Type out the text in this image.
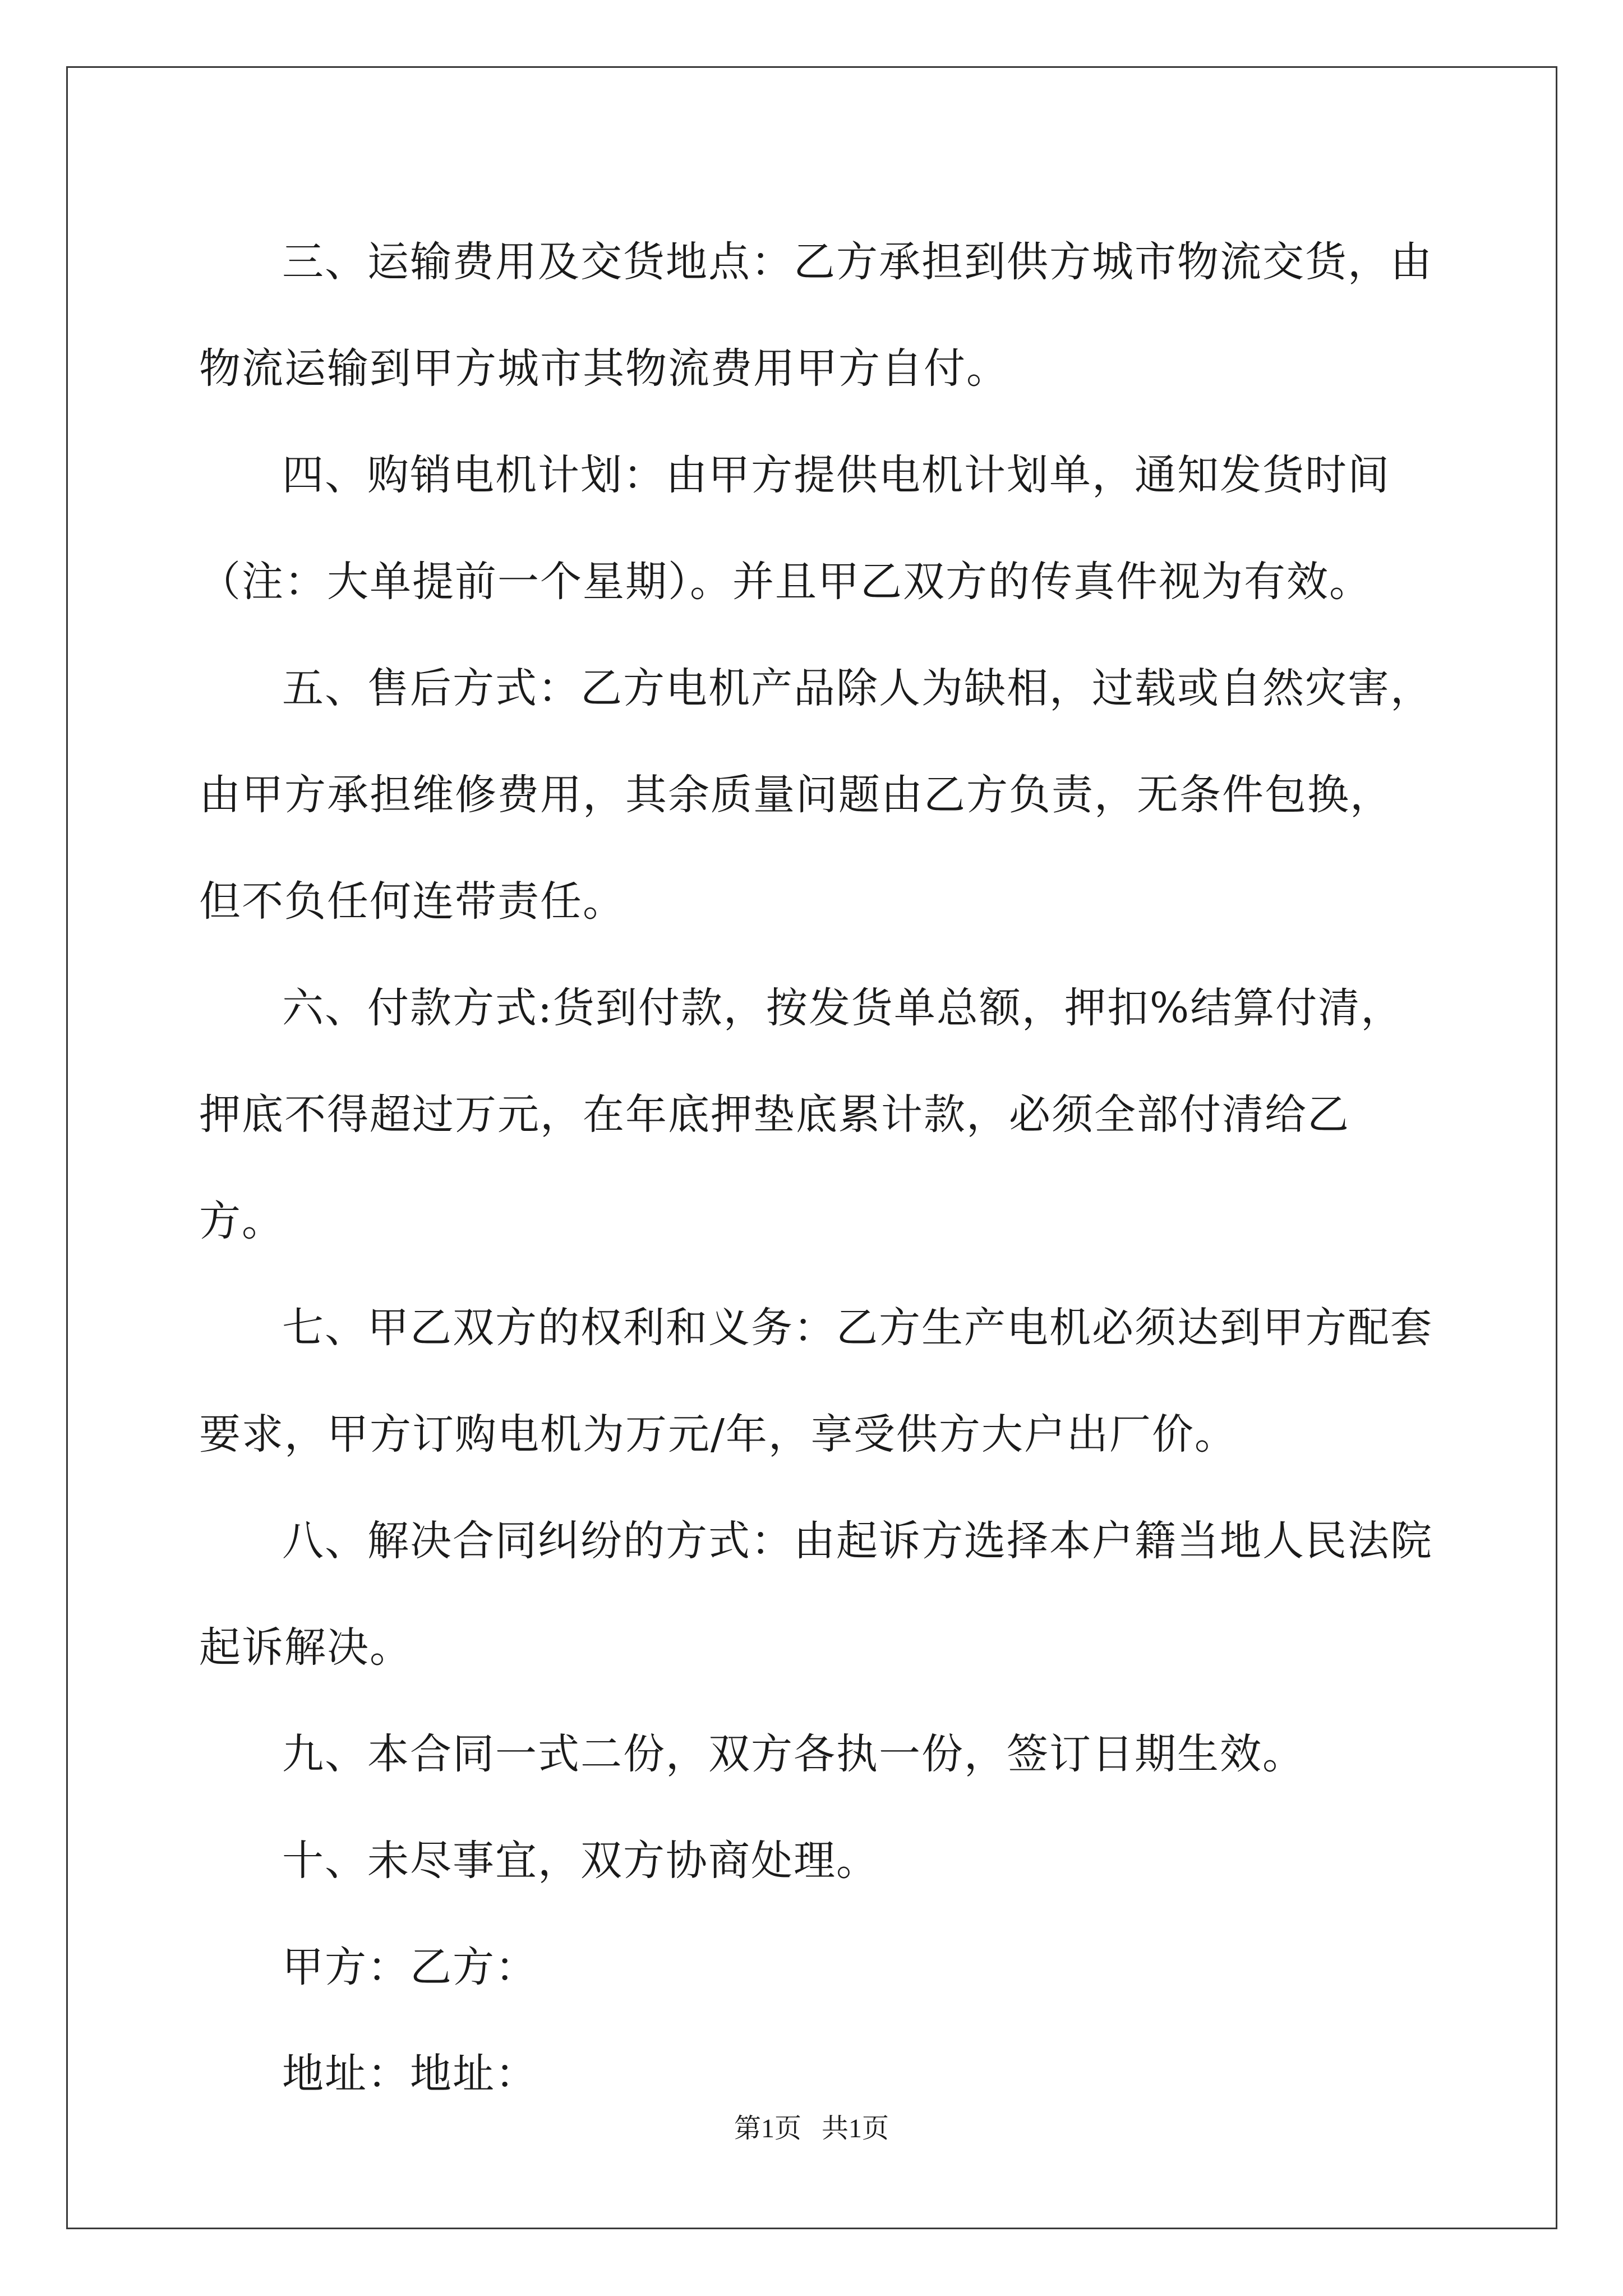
三、运输费用及交货地点：乙方承担到供方城市物流交货，由物流运输到甲方城市其物流费用甲方自付。

四、购销电机计划：由甲方提供电机计划单，通知发货时间（注：大单提前一个星期）。并且甲乙双方的传真件视为有效。

五、售后方式：乙方电机产品除人为缺相，过载或自然灾害，由甲方承担维修费用，其余质量问题由乙方负责，无条件包换，但不负任何连带责任。

六、付款方式:货到付款，按发货单总额，押扣%结算付清，押底不得超过万元，在年底押垫底累计款，必须全部付清给乙方。

七、甲乙双方的权利和义务：乙方生产电机必须达到甲方配套要求，甲方订购电机为万元/年，享受供方大户出厂价。

八、解决合同纠纷的方式：由起诉方选择本户籍当地人民法院起诉解决。

九、本合同一式二份，双方各执一份，签订日期生效。

十、未尽事宜，双方协商处理。

甲方：乙方：

地址：地址：

第1页   共1页
